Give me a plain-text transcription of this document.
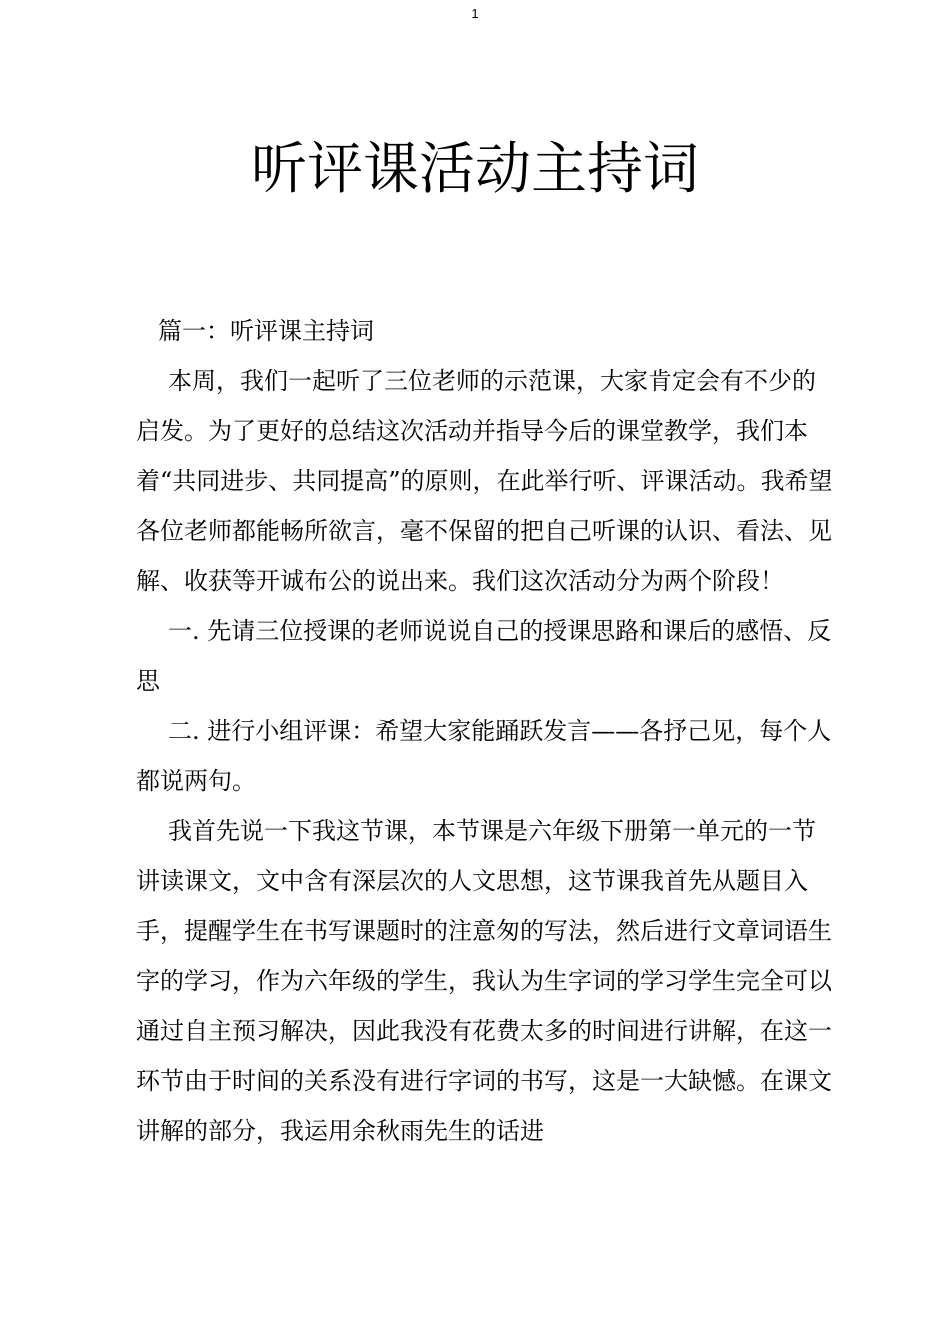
1
听评课活动主持词

篇一：听评课主持词

本周，我们一起听了三位老师的示范课，大家肯定会有不少的启发。为了更好的总结这次活动并指导今后的课堂教学，我们本着“共同进步、共同提高”的原则，在此举行听、评课活动。我希望各位老师都能畅所欲言，毫不保留的把自己听课的认识、看法、见解、收获等开诚布公的说出来。我们这次活动分为两个阶段！

一. 先请三位授课的老师说说自己的授课思路和课后的感悟、反思

二. 进行小组评课：希望大家能踊跃发言——各抒己见，每个人都说两句。

我首先说一下我这节课，本节课是六年级下册第一单元的一节讲读课文，文中含有深层次的人文思想，这节课我首先从题目入手，提醒学生在书写课题时的注意匆的写法，然后进行文章词语生字的学习，作为六年级的学生，我认为生字词的学习学生完全可以通过自主预习解决，因此我没有花费太多的时间进行讲解，在这一环节由于时间的关系没有进行字词的书写，这是一大缺憾。在课文讲解的部分，我运用余秋雨先生的话进
